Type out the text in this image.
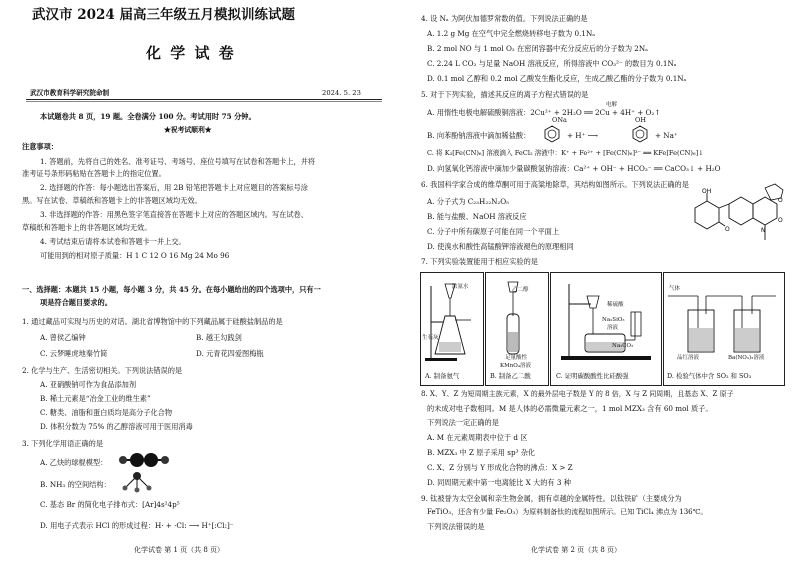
武汉市 2024 届高三年级五月模拟训练试题
化 学 试 卷
武汉市教育科学研究院命制	2024. 5. 23
本试题卷共 8 页，19 题。全卷满分 100 分。考试用时 75 分钟。
★祝考试顺利★
注意事项：
1. 答题前，先将自己的姓名、准考证号、考场号、座位号填写在试卷和答题卡上，并将
准考证号条形码粘贴在答题卡上的指定位置。
2. 选择题的作答：每小题选出答案后，用 2B 铅笔把答题卡上对应题目的答案标号涂
黑。写在试卷、草稿纸和答题卡上的非答题区域均无效。
3. 非选择题的作答：用黑色签字笔直接答在答题卡上对应的答题区域内。写在试卷、
草稿纸和答题卡上的非答题区域均无效。
4. 考试结束后请将本试卷和答题卡一并上交。
可能用到的相对原子质量：H 1 C 12 O 16 Mg 24 Mo 96
一、选择题：本题共 15 小题，每小题 3 分，共 45 分。在每小题给出的四个选项中，只有一
项是符合题目要求的。
1. 通过藏品可实现与历史的对话。湖北省博物馆中的下列藏品属于硅酸盐制品的是
A. 曾侯乙编钟	B. 越王勾践剑
C. 云梦睡虎地秦竹简	D. 元青花四爱图梅瓶
2. 化学与生产、生活密切相关。下列说法错误的是
A. 亚硝酸钠可作为食品添加剂
B. 稀土元素是“冶金工业的维生素”
C. 糖类、油脂和蛋白质均是高分子化合物
D. 体积分数为 75% 的乙醇溶液可用于医用消毒
3. 下列化学用语正确的是
A. 乙炔的球棍模型：
B. NH₃ 的空间结构：
C. 基态 Br 的简化电子排布式：[Ar]4s²4p⁵
D. 用电子式表示 HCl 的形成过程：H· + ·Cl: ⟶ H⁺[:Cl:]⁻
化学试卷 第 1 页（共 8 页）
4. 设 Nₐ 为阿伏加德罗常数的值。下列说法正确的是
A. 1.2 g Mg 在空气中完全燃烧转移电子数为 0.1Nₐ
B. 2 mol NO 与 1 mol O₂ 在密闭容器中充分反应后的分子数为 2Nₐ
C. 2.24 L CO₂ 与足量 NaOH 溶液反应，所得溶液中 CO₃²⁻ 的数目为 0.1Nₐ
D. 0.1 mol 乙醇和 0.2 mol 乙酸发生酯化反应，生成乙酸乙酯的分子数为 0.1Nₐ
5. 对于下列实验，描述其反应的离子方程式错误的是
电解
A. 用惰性电极电解硫酸铜溶液：2Cu²⁺ + 2H₂O ══ 2Cu + 4H⁺ + O₂↑
B. 向苯酚钠溶液中滴加稀盐酸：
ONa
+ H⁺ ⟶
OH
+ Na⁺
C. 将 K₃[Fe(CN)₆] 溶液滴入 FeCl₂ 溶液中：K⁺ + Fe²⁺ + [Fe(CN)₆]³⁻ ══ KFe[Fe(CN)₆]↓
D. 向氢氧化钙溶液中滴加少量碳酸氢钠溶液：Ca²⁺ + OH⁻ + HCO₃⁻ ══ CaCO₃↓ + H₂O
6. 我国科学家合成的维草酮可用于高粱地除草，其结构如图所示。下列说法正确的是
A. 分子式为 C₂₃H₂₂N₂O₅
B. 能与盐酸、NaOH 溶液反应
C. 分子中所有碳原子可能在同一个平面上
D. 使溴水和酸性高锰酸钾溶液褪色的原理相同
OH
O	N
O
O
7. 下列实验装置能用于相应实验的是
浓氨水
生石灰
乙二醇
足量酸性
KMnO₄溶液
稀硫酸
Na₂SiO₃
溶液
Na₂CO₃
气体
品红溶液	Ba(NO₃)₂溶液
A. 制备氨气	B. 制备乙二酸	C. 证明碳酸酸性比硅酸强	D. 检验气体中含 SO₂ 和 SO₃
8. X、Y、Z 为短周期主族元素，X 的最外层电子数是 Y 的 8 倍，X 与 Z 同周期，且基态 X、Z 原子
的未成对电子数相同。M 是人体的必需微量元素之一，1 mol MZX₃ 含有 60 mol 质子。
下列说法一定正确的是
A. M 在元素周期表中位于 d 区
B. MZX₃ 中 Z 原子采用 sp³ 杂化
C. X、Z 分别与 Y 形成化合物的沸点：X > Z
D. 同周期元素中第一电离能比 X 大的有 3 种
9. 钛被誉为太空金属和亲生物金属，拥有卓越的金属特性。以钛铁矿（主要成分为
FeTiO₃，还含有少量 Fe₂O₃）为原料制备钛的流程如图所示。已知 TiCl₄ 沸点为 136℃。
下列说法错误的是
化学试卷 第 2 页（共 8 页）
